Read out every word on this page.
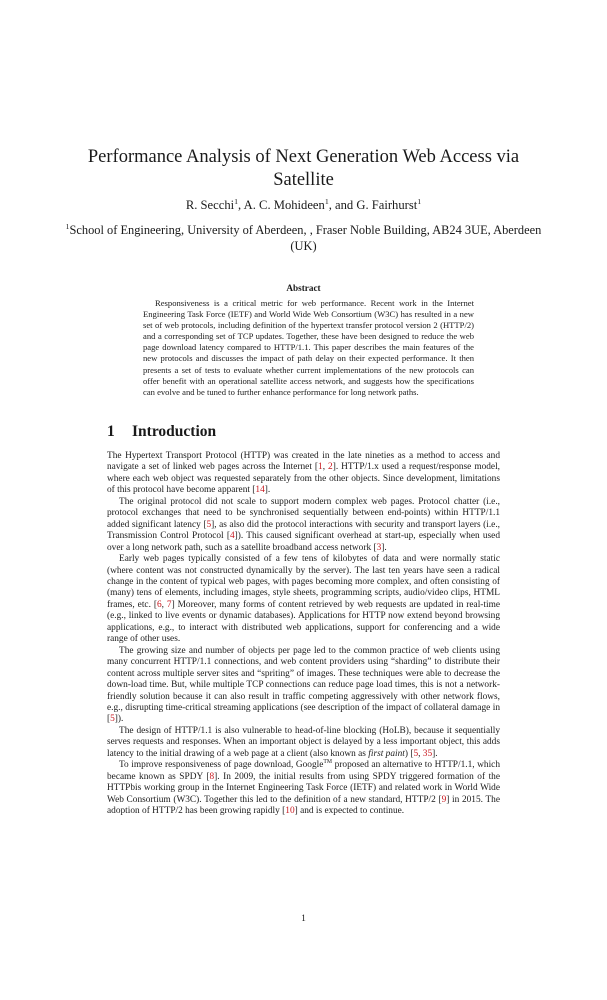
Performance Analysis of Next Generation Web Access via Satellite
R. Secchi$^1$, A. C. Mohideen$^1$, and G. Fairhurst$^1$
$^1$School of Engineering, University of Aberdeen, , Fraser Noble Building, AB24 3UE, Aberdeen (UK)
Abstract

Responsiveness is a critical metric for web performance. Recent work in the Internet Engineering Task Force (IETF) and World Wide Web Consortium (W3C) has resulted in a new set of web protocols, including definition of the hypertext transfer protocol version 2 (HTTP/2) and a corresponding set of TCP updates. Together, these have been designed to reduce the web page download latency compared to HTTP/1.1. This paper describes the main features of the new protocols and discusses the impact of path delay on their expected performance. It then presents a set of tests to evaluate whether current implementations of the new protocols can offer benefit with an operational satellite access network, and suggests how the specifications can evolve and be tuned to further enhance performance for long network paths.

1 Introduction

The Hypertext Transport Protocol (HTTP) was created in the late nineties as a method to access and navigate a set of linked web pages across the Internet [1, 2]. HTTP/1.x used a request/response model, where each web object was requested separately from the other objects. Since development, limitations of this protocol have become apparent [14].

The original protocol did not scale to support modern complex web pages. Protocol chatter (i.e., protocol exchanges that need to be synchronised sequentially between end-points) within HTTP/1.1 added significant latency [5], as also did the protocol interactions with security and transport layers (i.e., Transmission Control Protocol [4]). This caused significant overhead at start-up, especially when used over a long network path, such as a satellite broadband access network [3].

Early web pages typically consisted of a few tens of kilobytes of data and were normally static (where content was not constructed dynamically by the server). The last ten years have seen a radical change in the content of typical web pages, with pages becoming more complex, and often consisting of (many) tens of elements, including images, style sheets, programming scripts, audio/video clips, HTML frames, etc. [6, 7] Moreover, many forms of content retrieved by web requests are updated in real-time (e.g., linked to live events or dynamic databases). Applications for HTTP now extend beyond browsing applications, e.g., to interact with distributed web applications, support for conferencing and a wide range of other uses.

The growing size and number of objects per page led to the common practice of web clients using many concurrent HTTP/1.1 connections, and web content providers using “sharding” to distribute their content across multiple server sites and “spriting” of images. These techniques were able to decrease the down-load time. But, while multiple TCP connections can reduce page load times, this is not a network-friendly solution because it can also result in traffic competing aggressively with other network flows, e.g., disrupting time-critical streaming applications (see description of the impact of collateral damage in [5]).

The design of HTTP/1.1 is also vulnerable to head-of-line blocking (HoLB), because it sequentially serves requests and responses. When an important object is delayed by a less important object, this adds latency to the initial drawing of a web page at a client (also known as first paint) [5, 35].

To improve responsiveness of page download, Google™ proposed an alternative to HTTP/1.1, which became known as SPDY [8]. In 2009, the initial results from using SPDY triggered formation of the HTTPbis working group in the Internet Engineering Task Force (IETF) and related work in World Wide Web Consortium (W3C). Together this led to the definition of a new standard, HTTP/2 [9] in 2015. The adoption of HTTP/2 has been growing rapidly [10] and is expected to continue.

1
